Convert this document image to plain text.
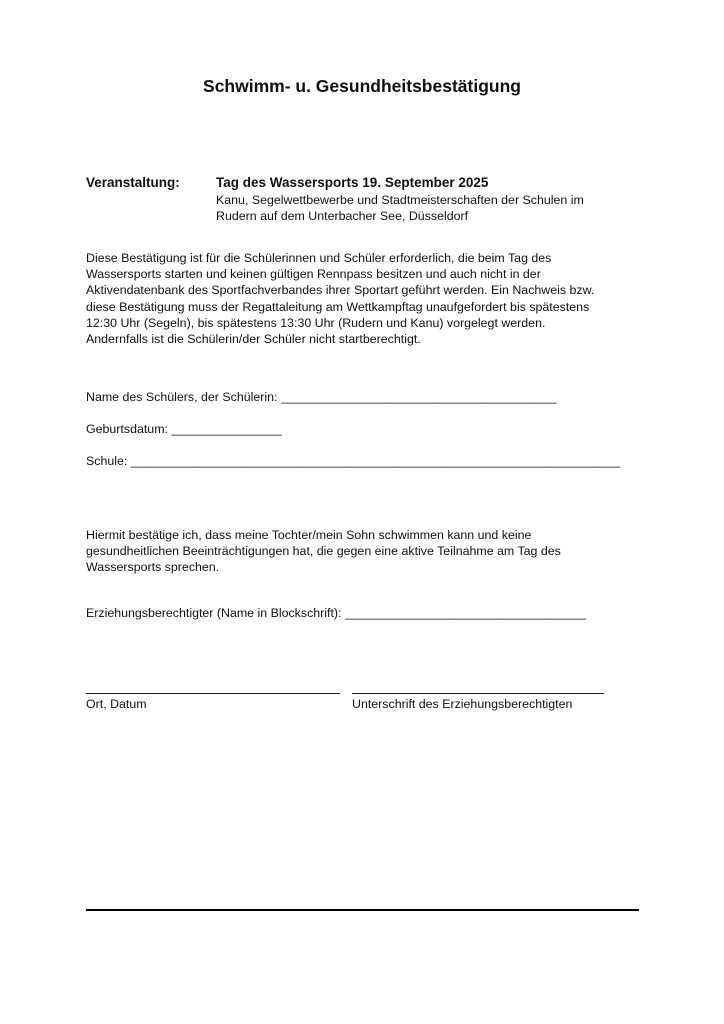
Schwimm- u. Gesundheitsbestätigung
Veranstaltung:	Tag des Wassersports 19. September 2025
Kanu, Segelwettbewerbe und Stadtmeisterschaften der Schulen im
Rudern auf dem Unterbacher See, Düsseldorf
Diese Bestätigung ist für die Schülerinnen und Schüler erforderlich, die beim Tag des
Wassersports starten und keinen gültigen Rennpass besitzen und auch nicht in der
Aktivendatenbank des Sportfachverbandes ihrer Sportart geführt werden. Ein Nachweis bzw.
diese Bestätigung muss der Regattaleitung am Wettkampftag unaufgefordert bis spätestens
12:30 Uhr (Segeln), bis spätestens 13:30 Uhr (Rudern und Kanu) vorgelegt werden.
Andernfalls ist die Schülerin/der Schüler nicht startberechtigt.
Name des Schülers, der Schülerin: ________________________________________
Geburtsdatum: ________________
Schule: _______________________________________________________________________
Hiermit bestätige ich, dass meine Tochter/mein Sohn schwimmen kann und keine
gesundheitlichen Beeinträchtigungen hat, die gegen eine aktive Teilnahme am Tag des
Wassersports sprechen.
Erziehungsberechtigter (Name in Blockschrift): ___________________________________
Ort, Datum	Unterschrift des Erziehungsberechtigten
